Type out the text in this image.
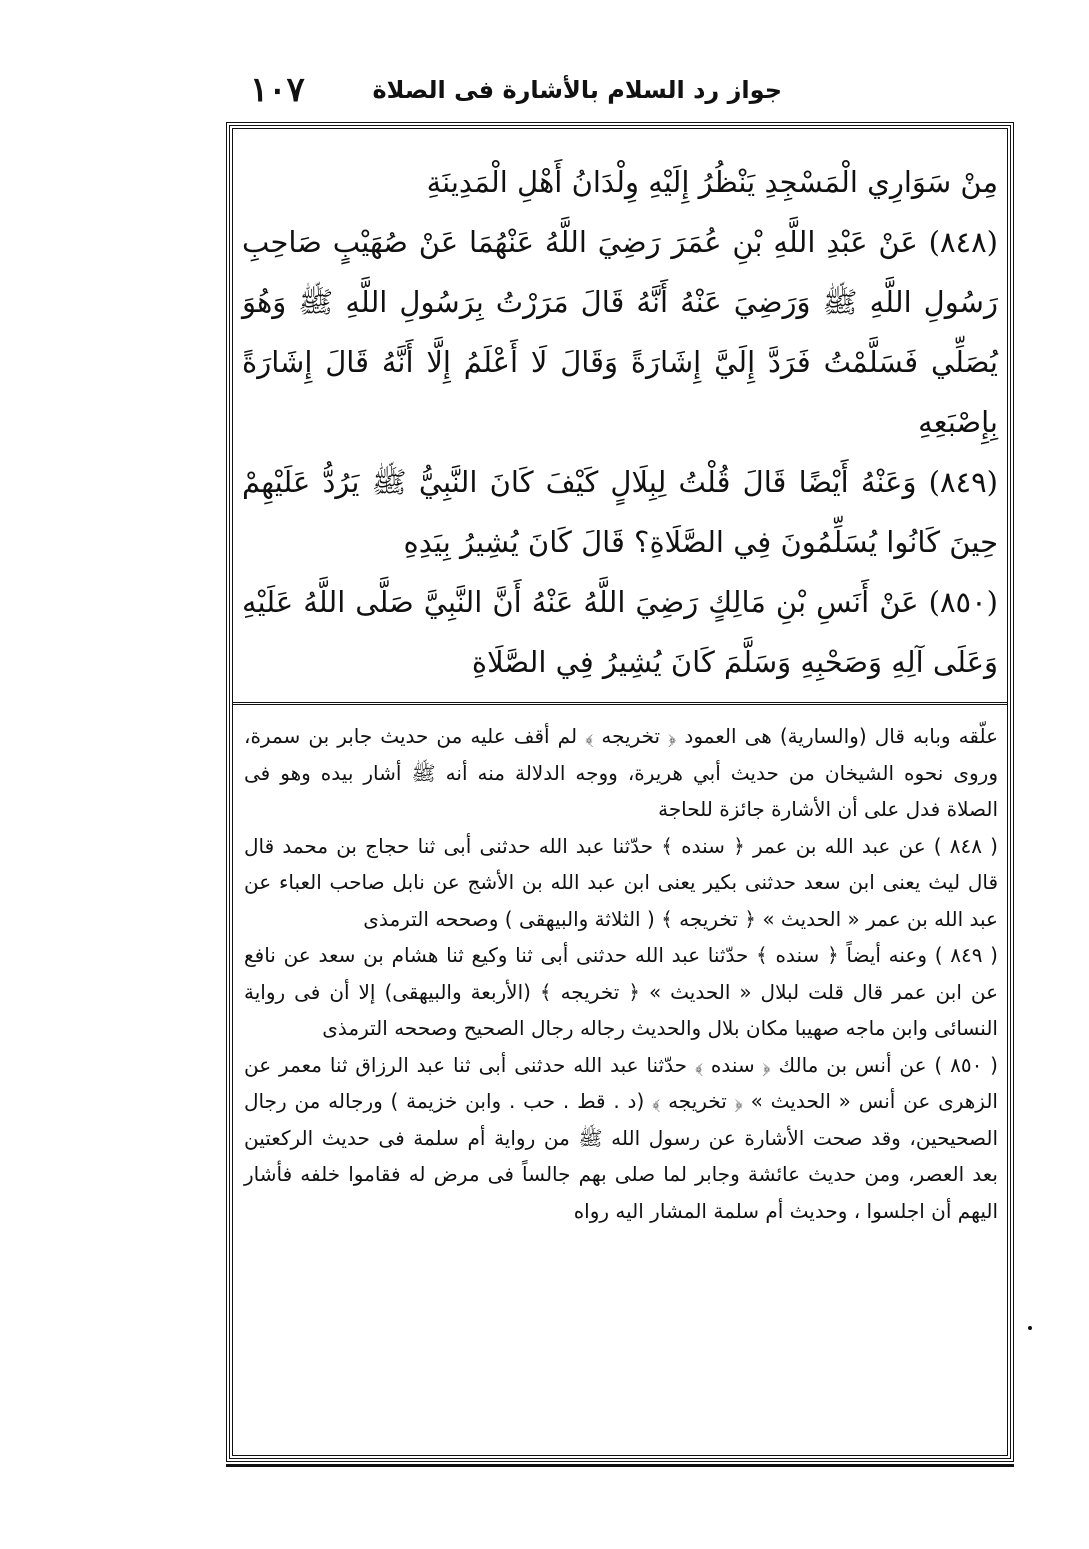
١٠٧	جواز رد السلام بالأشارة فى الصلاة

مِنْ سَوَارِي الْمَسْجِدِ يَنْظُرُ إِلَيْهِ وِلْدَانُ أَهْلِ الْمَدِينَةِ

(٨٤٨) عَنْ عَبْدِ اللَّهِ بْنِ عُمَرَ رَضِيَ اللَّهُ عَنْهُمَا عَنْ صُهَيْبٍ صَاحِبِ رَسُولِ اللَّهِ ﷺ وَرَضِيَ عَنْهُ أَنَّهُ قَالَ مَرَرْتُ بِرَسُولِ اللَّهِ ﷺ وَهُوَ يُصَلِّي فَسَلَّمْتُ فَرَدَّ إِلَيَّ إِشَارَةً وَقَالَ لَا أَعْلَمُ إِلَّا أَنَّهُ قَالَ إِشَارَةً بِإِصْبَعِهِ

(٨٤٩) وَعَنْهُ أَيْضًا قَالَ قُلْتُ لِبِلَالٍ كَيْفَ كَانَ النَّبِيُّ ﷺ يَرُدُّ عَلَيْهِمْ حِينَ كَانُوا يُسَلِّمُونَ فِي الصَّلَاةِ؟ قَالَ كَانَ يُشِيرُ بِيَدِهِ

(٨٥٠) عَنْ أَنَسِ بْنِ مَالِكٍ رَضِيَ اللَّهُ عَنْهُ أَنَّ النَّبِيَّ صَلَّى اللَّهُ عَلَيْهِ وَعَلَى آلِهِ وَصَحْبِهِ وَسَلَّمَ كَانَ يُشِيرُ فِي الصَّلَاةِ

علّقه وبابه قال (والسارية) هى العمود ﴿ تخريجه ﴾ لم أقف عليه من حديث جابر بن سمرة، وروى نحوه الشيخان من حديث أبي هريرة، ووجه الدلالة منه أنه ﷺ أشار بيده وهو فى الصلاة فدل على أن الأشارة جائزة للحاجة

( ٨٤٨ ) عن عبد الله بن عمر ﴿ سنده ﴾ حدّثنا عبد الله حدثنى أبى ثنا حجاج بن محمد قال قال ليث يعنى ابن سعد حدثنى بكير يعنى ابن عبد الله بن الأشج عن نابل صاحب العباء عن عبد الله بن عمر « الحديث » ﴿ تخريجه ﴾ ( الثلاثة والبيهقى ) وصححه الترمذى

( ٨٤٩ ) وعنه أيضاً ﴿ سنده ﴾ حدّثنا عبد الله حدثنى أبى ثنا وكيع ثنا هشام بن سعد عن نافع عن ابن عمر قال قلت لبلال « الحديث » ﴿ تخريجه ﴾ (الأربعة والبيهقى) إلا أن فى رواية النسائى وابن ماجه صهيبا مكان بلال والحديث رجاله رجال الصحيح وصححه الترمذى

( ٨٥٠ ) عن أنس بن مالك ﴿ سنده ﴾ حدّثنا عبد الله حدثنى أبى ثنا عبد الرزاق ثنا معمر عن الزهرى عن أنس « الحديث » ﴿ تخريجه ﴾ (د . قط . حب . وابن خزيمة ) ورجاله من رجال الصحيحين، وقد صحت الأشارة عن رسول الله ﷺ من رواية أم سلمة فى حديث الركعتين بعد العصر، ومن حديث عائشة وجابر لما صلى بهم جالساً فى مرض له فقاموا خلفه فأشار اليهم أن اجلسوا ، وحديث أم سلمة المشار اليه رواه
